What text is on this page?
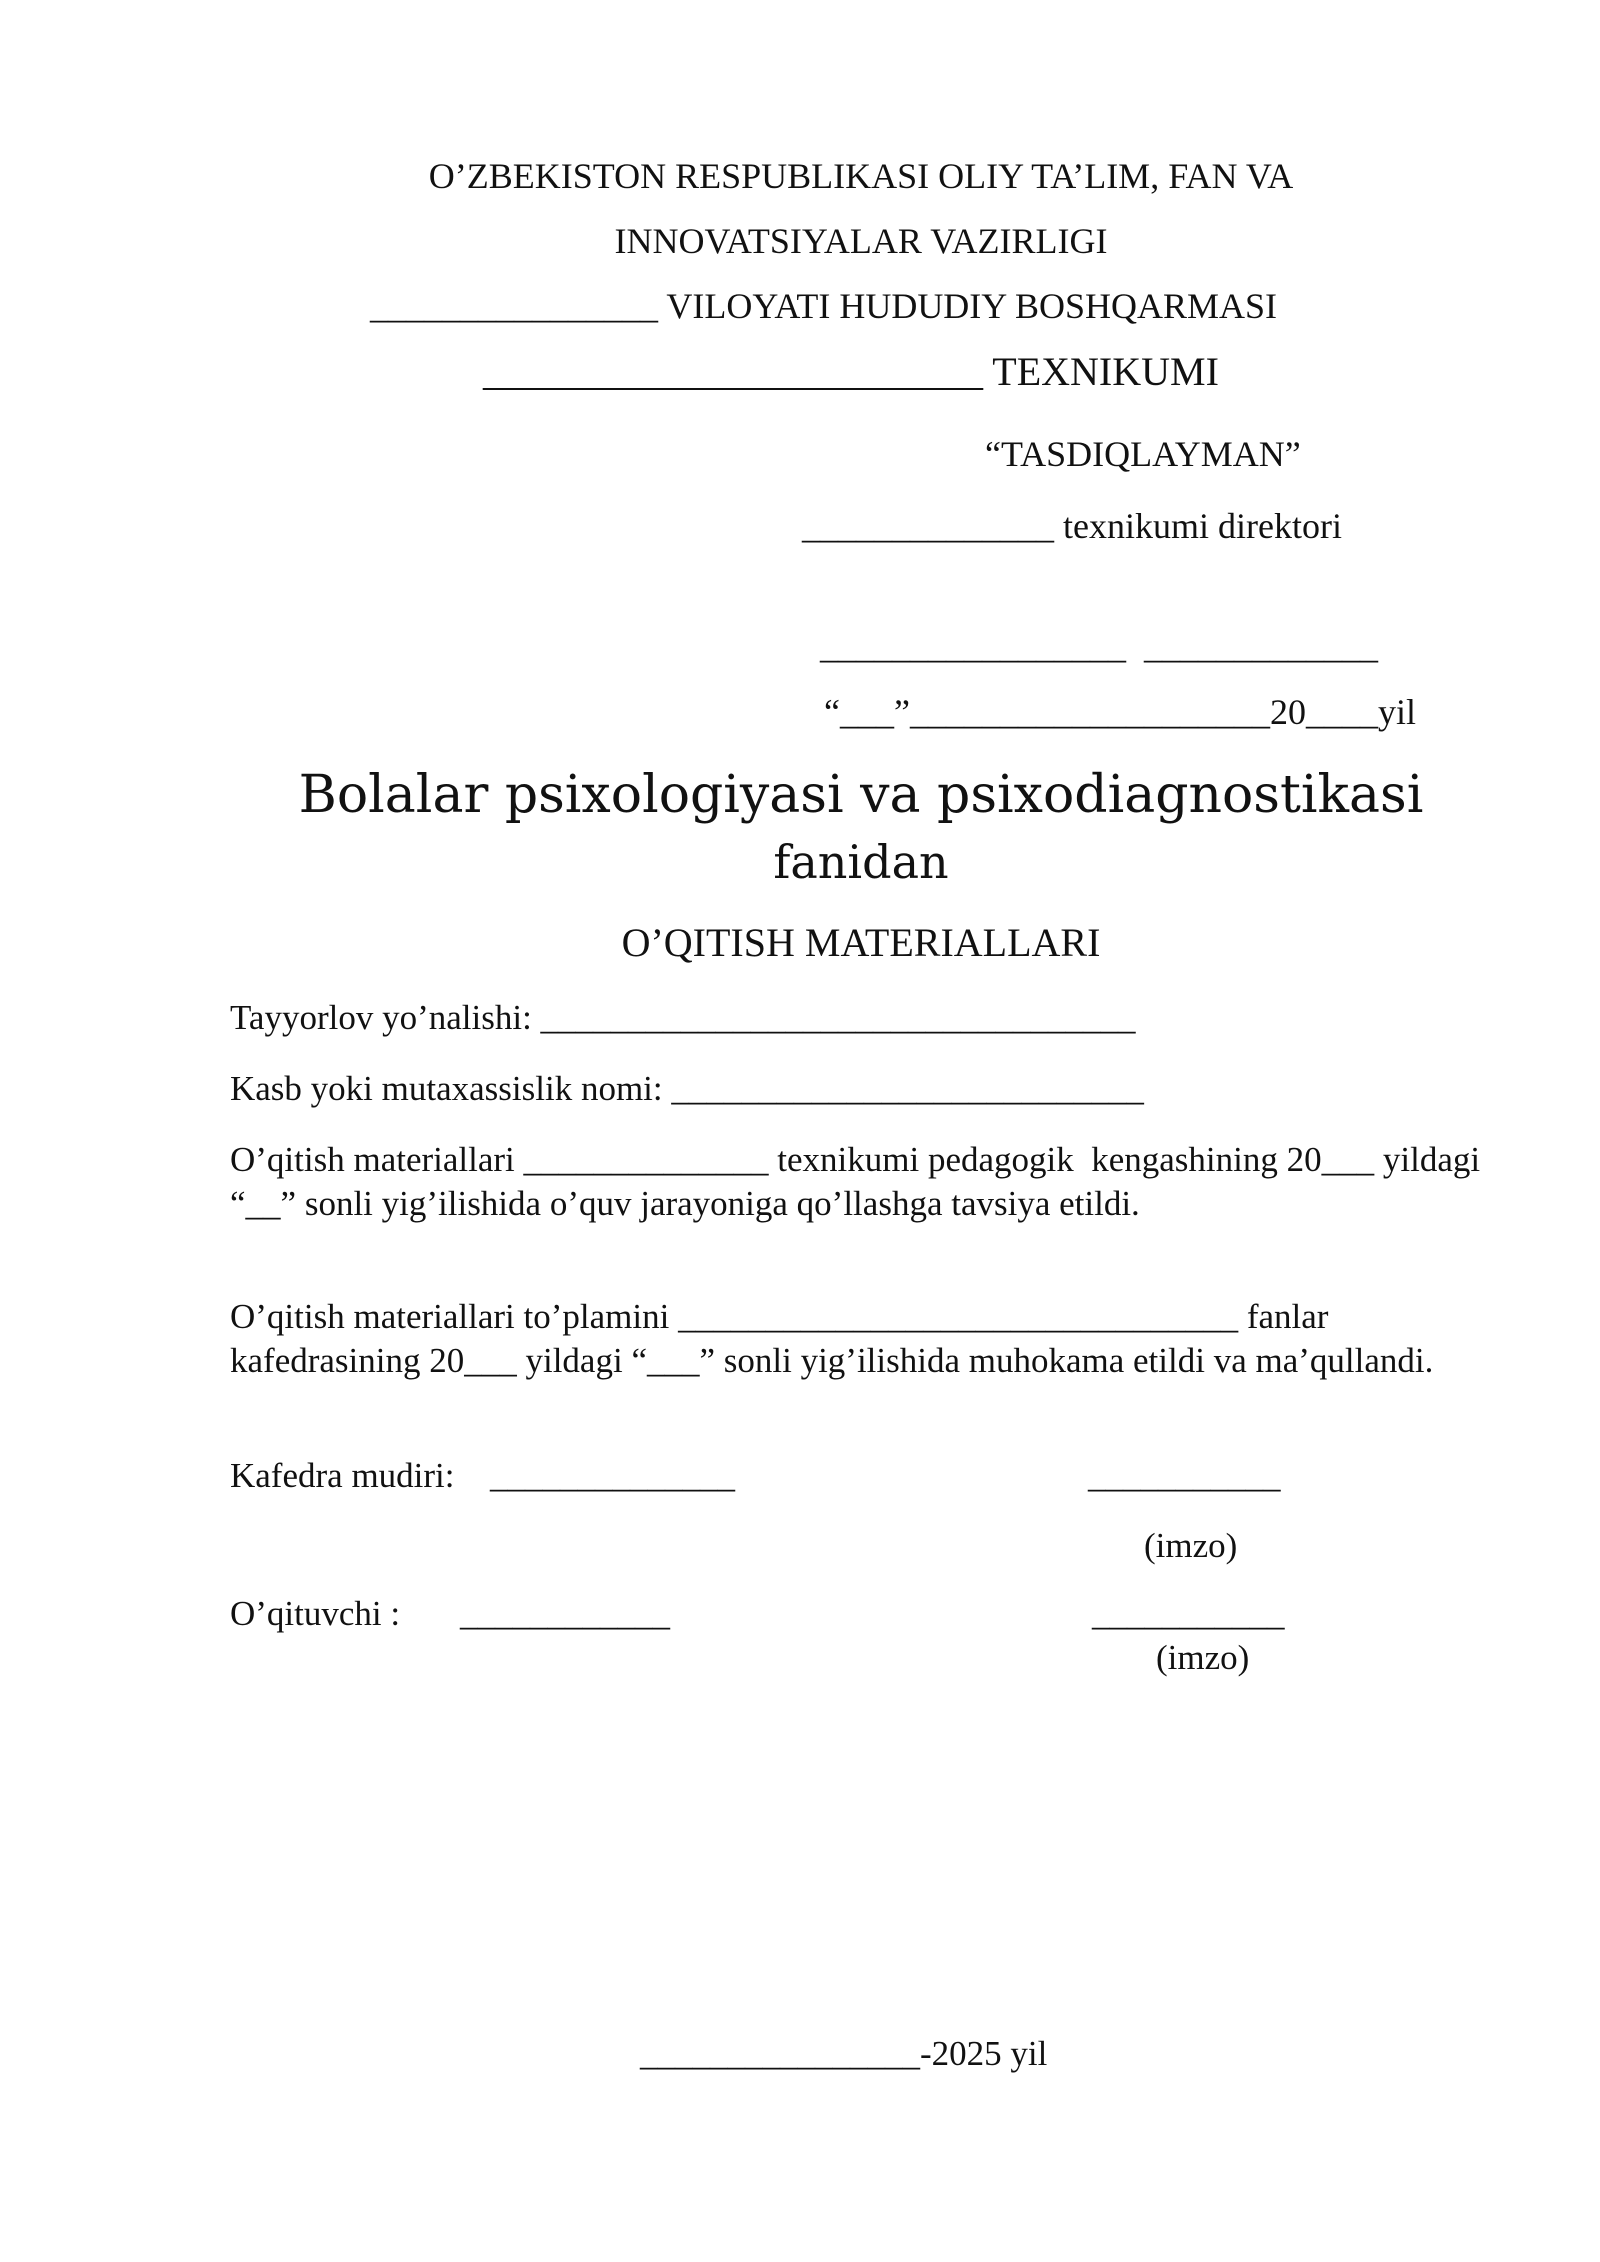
O’ZBEKISTON RESPUBLIKASI OLIY TA’LIM, FAN VA
INNOVATSIYALAR VAZIRLIGI
________________ VILOYATI HUDUDIY BOSHQARMASI
_________________________ TEXNIKUMI
“TASDIQLAYMAN”
______________ texnikumi direktori
_________________  _____________
“___”____________________20____yil
Bolalar psixologiyasi va psixodiagnostikasi
fanidan
O’QITISH MATERIALLARI
Tayyorlov yo’nalishi: __________________________________
Kasb yoki mutaxassislik nomi: ___________________________
O’qitish materiallari ______________ texnikumi pedagogik  kengashining 20___ yildagi “__” sonli yig’ilishida o’quv jarayoniga qo’llashga tavsiya etildi.
O’qitish materiallari to’plamini ________________________________ fanlar kafedrasining 20___ yildagi “___” sonli yig’ilishida muhokama etildi va ma’qullandi.
Kafedra mudiri: ______________	___________
(imzo)
O’qituvchi : ____________	___________
(imzo)
________________-2025 yil
